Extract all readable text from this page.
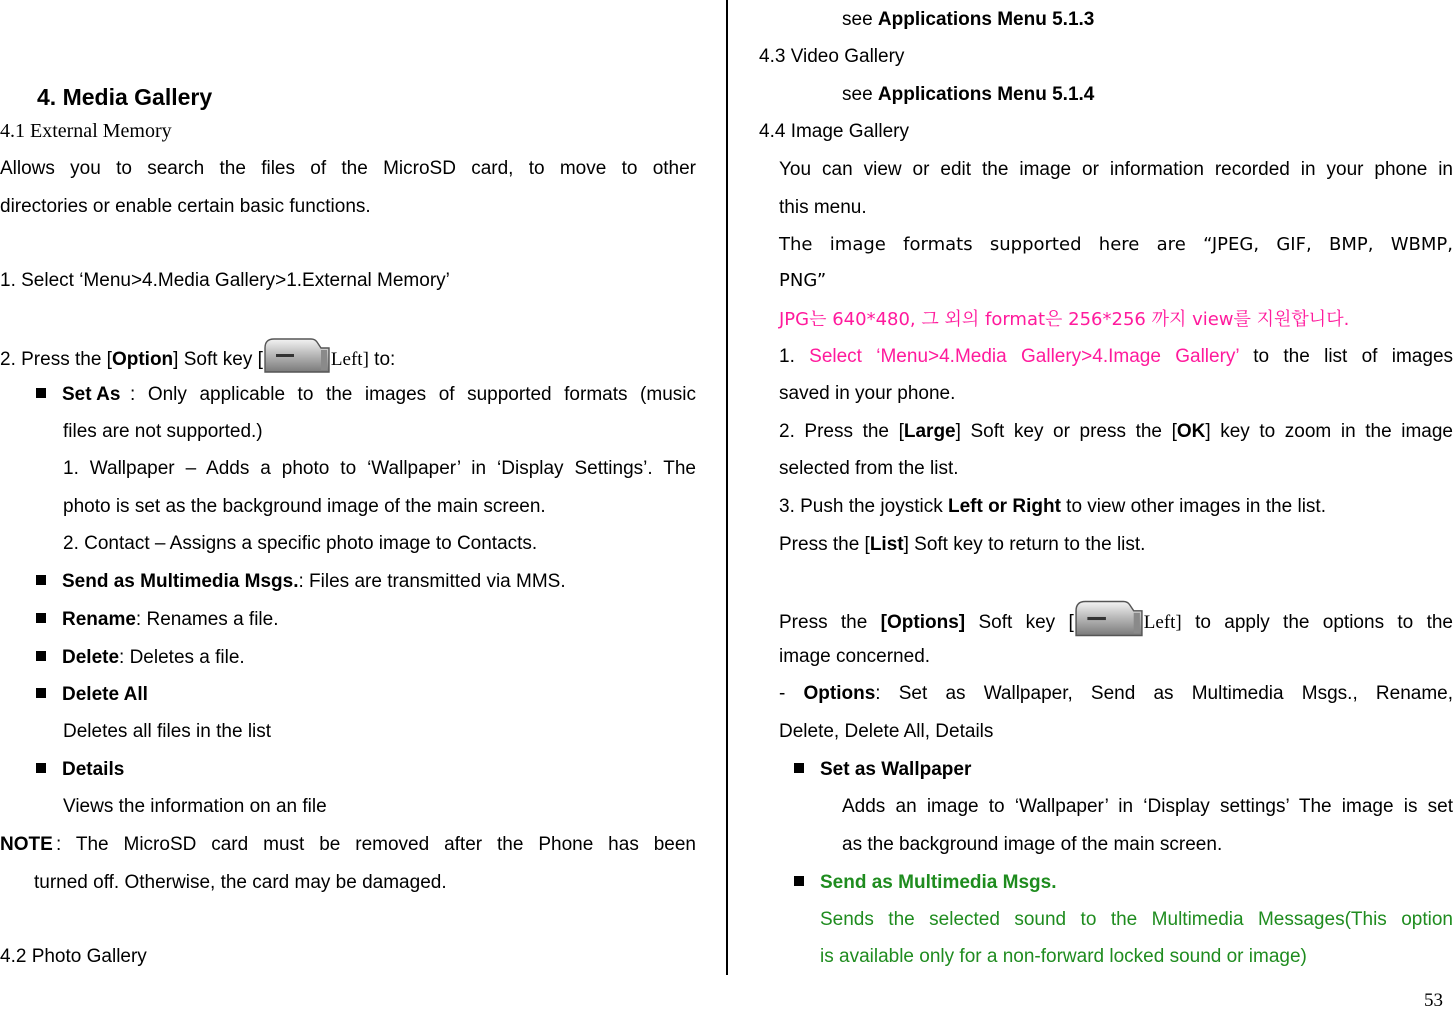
4. Media Gallery
4.1 External Memory
Allows you to search the files of the MicroSD card, to move to other
directories or enable certain basic functions.
1. Select ‘Menu>4.Media Gallery>1.External Memory’
2. Press the [Option] Soft key [	Left] to:
Set As : Only applicable to the images of supported formats (music
files are not supported.)
1. Wallpaper – Adds a photo to ‘Wallpaper’ in ‘Display Settings’. The
photo is set as the background image of the main screen.
2. Contact – Assigns a specific photo image to Contacts.
Send as Multimedia Msgs.: Files are transmitted via MMS.
Rename: Renames a file.
Delete: Deletes a file.
Delete All
Deletes all files in the list
Details
Views the information on an file
NOTE : The MicroSD card must be removed after the Phone has been
turned off. Otherwise, the card may be damaged.
4.2 Photo Gallery
see Applications Menu 5.1.3
4.3 Video Gallery
see Applications Menu 5.1.4
4.4 Image Gallery
You can view or edit the image or information recorded in your phone in
this menu.
The image formats supported here are “JPEG, GIF, BMP, WBMP,
PNG”
JPG는 640*480, 그 외의 format은 256*256 까지 view를 지원합니다.
1. Select ‘Menu>4.Media Gallery>4.Image Gallery’ to the list of images
saved in your phone.
2. Press the [Large] Soft key or press the [OK] key to zoom in the image
selected from the list.
3. Push the joystick Left or Right to view other images in the list.
Press the [List] Soft key to return to the list.
Press the [Options] Soft key [	Left] to apply the options to the
image concerned.
- Options: Set as Wallpaper, Send as Multimedia Msgs., Rename,
Delete, Delete All, Details
Set as Wallpaper
Adds an image to ‘Wallpaper’ in ‘Display settings’ The image is set
as the background image of the main screen.
Send as Multimedia Msgs.
Sends the selected sound to the Multimedia Messages(This option
is available only for a non-forward locked sound or image)
53
